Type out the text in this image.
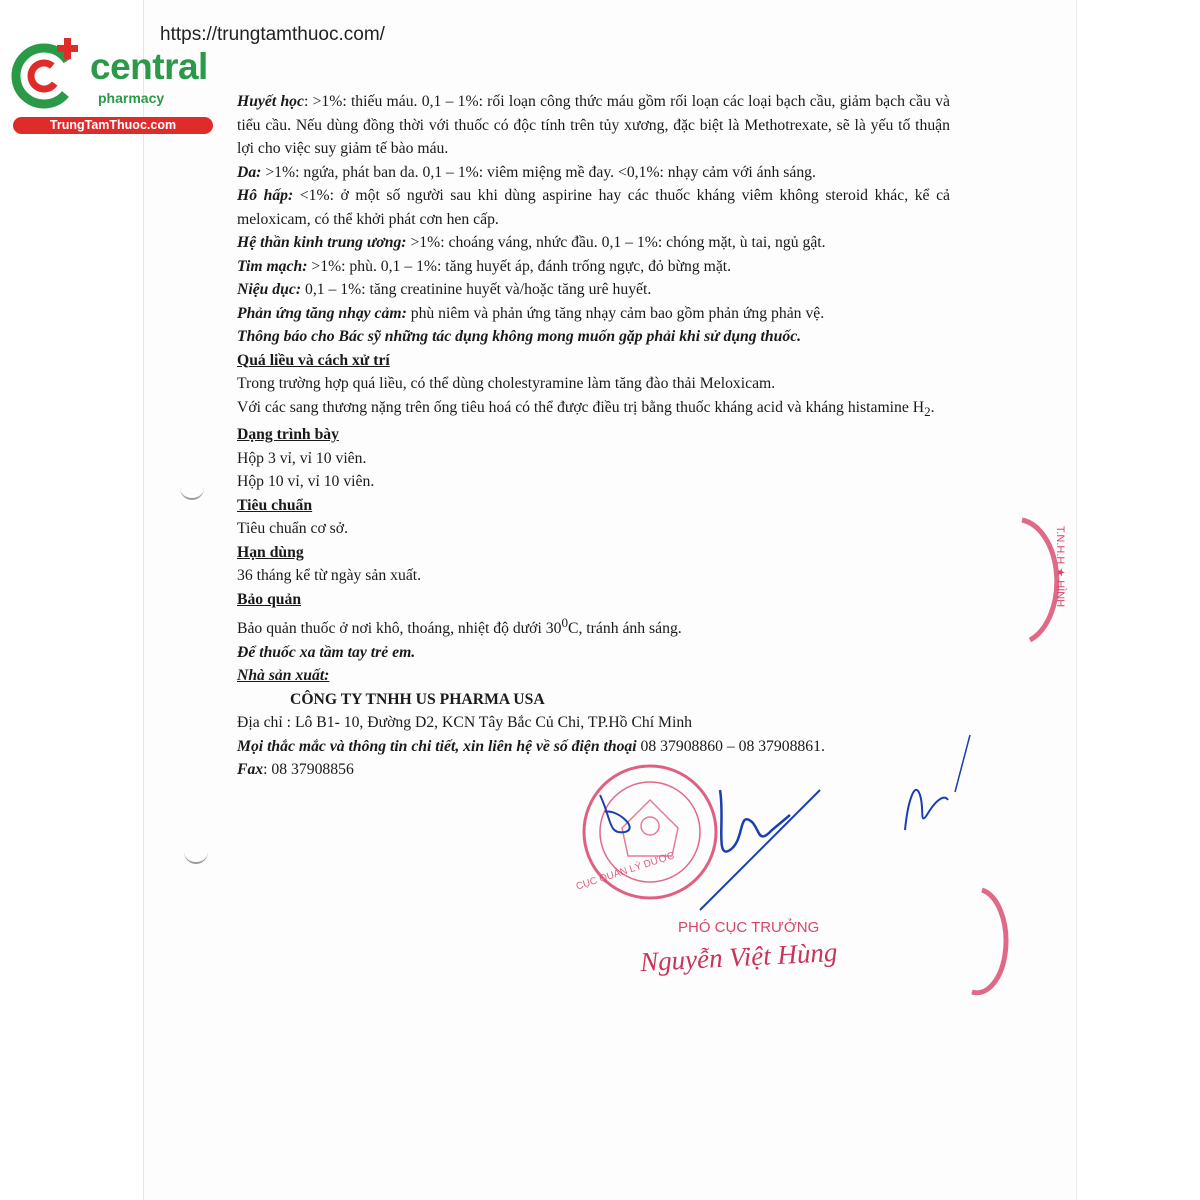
central
pharmacy
TrungTamThuoc.com
https://trungtamthuoc.com/

Huyết học: >1%: thiếu máu. 0,1 – 1%: rối loạn công thức máu gồm rối loạn các loại bạch cầu, giảm bạch cầu và tiểu cầu. Nếu dùng đồng thời với thuốc có độc tính trên tủy xương, đặc biệt là Methotrexate, sẽ là yếu tố thuận lợi cho việc suy giảm tế bào máu.

Da: >1%: ngứa, phát ban da. 0,1 – 1%: viêm miệng mề đay. <0,1%: nhạy cảm với ánh sáng.

Hô hấp: <1%: ở một số người sau khi dùng aspirine hay các thuốc kháng viêm không steroid khác, kể cả meloxicam, có thể khởi phát cơn hen cấp.

Hệ thần kinh trung ương: >1%: choáng váng, nhức đầu. 0,1 – 1%: chóng mặt, ù tai, ngủ gật.

Tim mạch: >1%: phù. 0,1 – 1%: tăng huyết áp, đánh trống ngực, đỏ bừng mặt.

Niệu dục: 0,1 – 1%: tăng creatinine huyết và/hoặc tăng urê huyết.

Phản ứng tăng nhạy cảm: phù niêm và phản ứng tăng nhạy cảm bao gồm phản ứng phản vệ.

Thông báo cho Bác sỹ những tác dụng không mong muốn gặp phải khi sử dụng thuốc.

Quá liều và cách xử trí

Trong trường hợp quá liều, có thể dùng cholestyramine làm tăng đào thải Meloxicam.

Với các sang thương nặng trên ống tiêu hoá có thể được điều trị bằng thuốc kháng acid và kháng histamine $H_2$.

Dạng trình bày

Hộp 3 vỉ, vỉ 10 viên.

Hộp 10 vỉ, vỉ 10 viên.

Tiêu chuẩn

Tiêu chuẩn cơ sở.

Hạn dùng

36 tháng kể từ ngày sản xuất.

Bảo quản

Bảo quản thuốc ở nơi khô, thoáng, nhiệt độ dưới $30^0C$, tránh ánh sáng.

Để thuốc xa tầm tay trẻ em.

Nhà sản xuất:

CÔNG TY TNHH US PHARMA USA

Địa chỉ : Lô B1- 10, Đường D2, KCN Tây Bắc Củ Chi, TP.Hồ Chí Minh

Mọi thắc mắc và thông tin chi tiết, xin liên hệ về số điện thoại 08 37908860 – 08 37908861.

Fax: 08 37908856

T.N.H.H ★ HÌNH
CỤC QUẢN LÝ DƯỢC
PHÓ CỤC TRƯỞNG
Nguyễn Việt Hùng
